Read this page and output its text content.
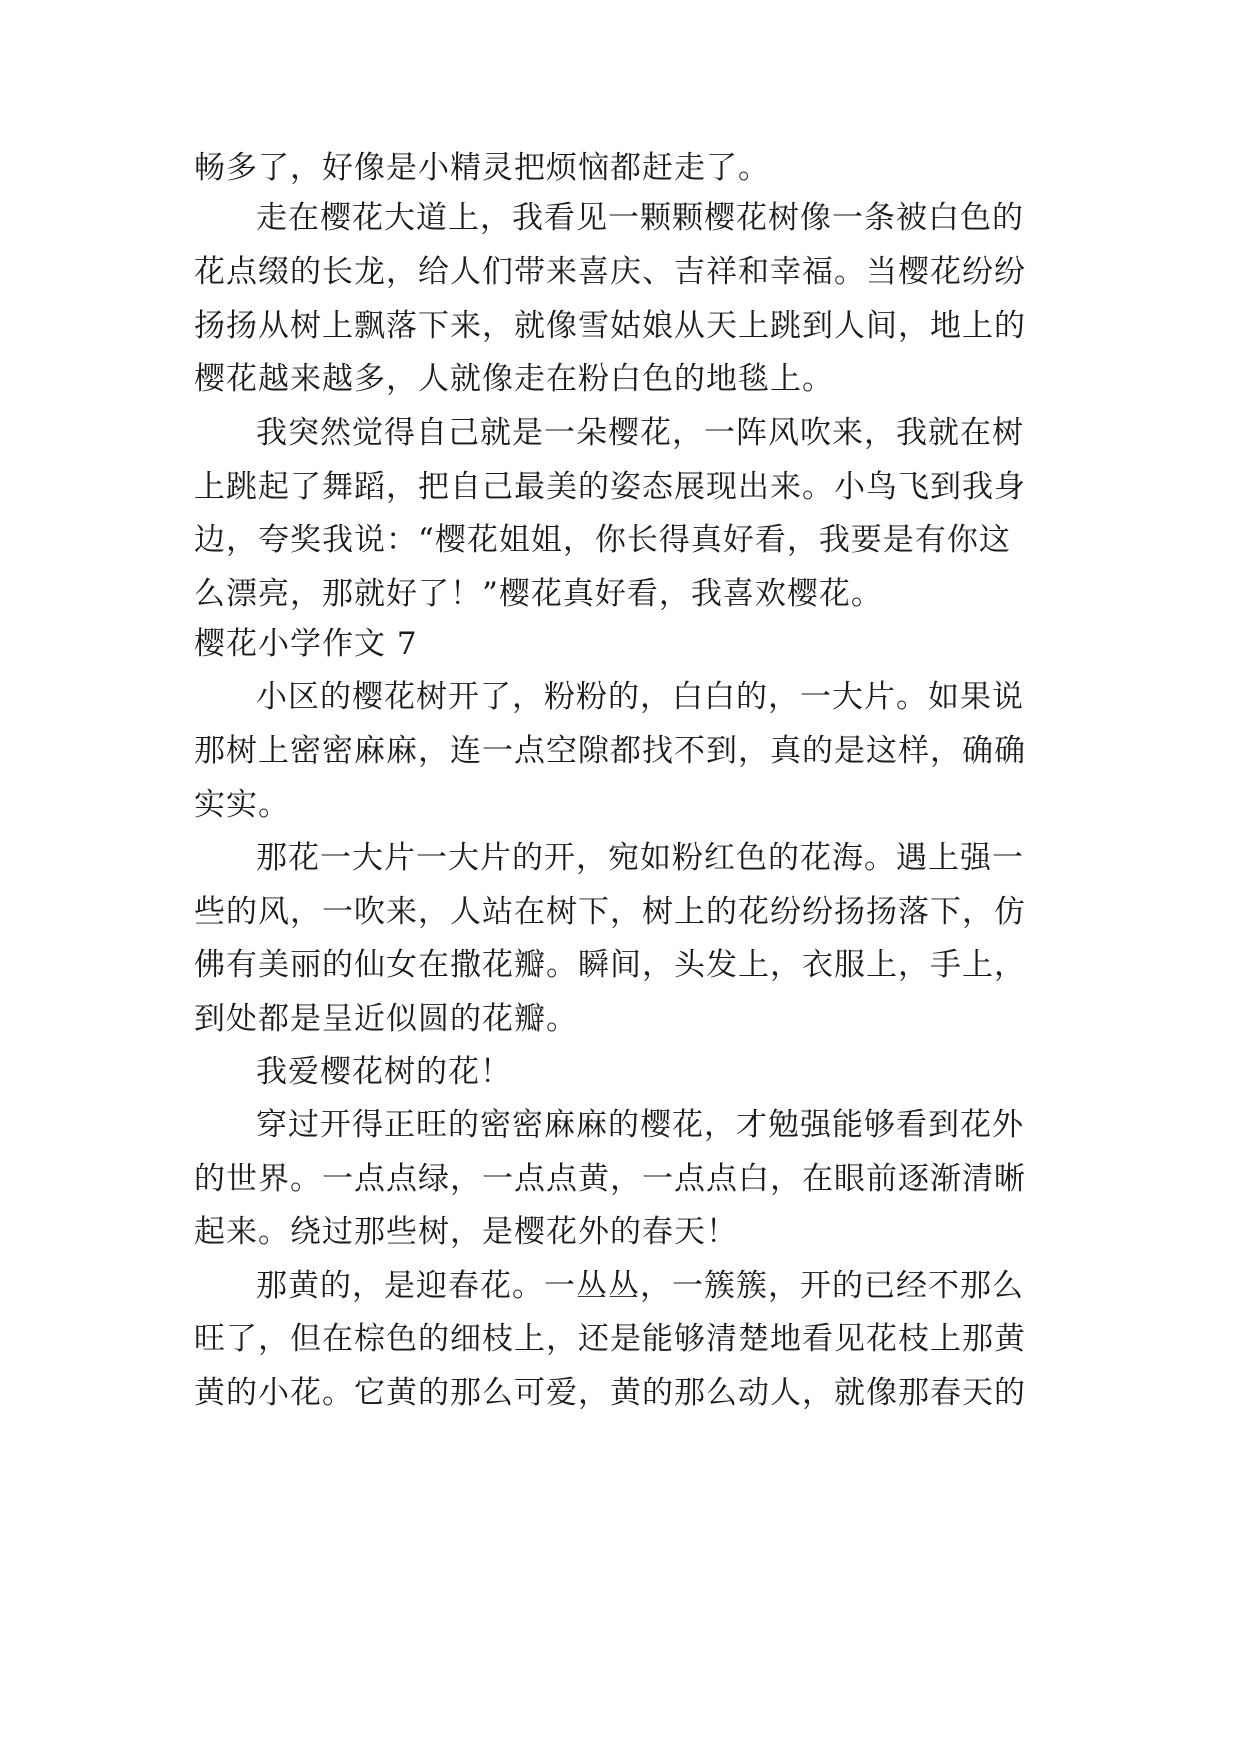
畅多了，好像是小精灵把烦恼都赶走了。
走在樱花大道上，我看见一颗颗樱花树像一条被白色的
花点缀的长龙，给人们带来喜庆、吉祥和幸福。当樱花纷纷
扬扬从树上飘落下来，就像雪姑娘从天上跳到人间，地上的
樱花越来越多，人就像走在粉白色的地毯上。
我突然觉得自己就是一朵樱花，一阵风吹来，我就在树
上跳起了舞蹈，把自己最美的姿态展现出来。小鸟飞到我身
边，夸奖我说：“樱花姐姐，你长得真好看，我要是有你这
么漂亮，那就好了！”樱花真好看，我喜欢樱花。
樱花小学作文 7
小区的樱花树开了，粉粉的，白白的，一大片。如果说
那树上密密麻麻，连一点空隙都找不到，真的是这样，确确
实实。
那花一大片一大片的开，宛如粉红色的花海。遇上强一
些的风，一吹来，人站在树下，树上的花纷纷扬扬落下，仿
佛有美丽的仙女在撒花瓣。瞬间，头发上，衣服上，手上，
到处都是呈近似圆的花瓣。
我爱樱花树的花！
穿过开得正旺的密密麻麻的樱花，才勉强能够看到花外
的世界。一点点绿，一点点黄，一点点白，在眼前逐渐清晰
起来。绕过那些树，是樱花外的春天！
那黄的，是迎春花。一丛丛，一簇簇，开的已经不那么
旺了，但在棕色的细枝上，还是能够清楚地看见花枝上那黄
黄的小花。它黄的那么可爱，黄的那么动人，就像那春天的
